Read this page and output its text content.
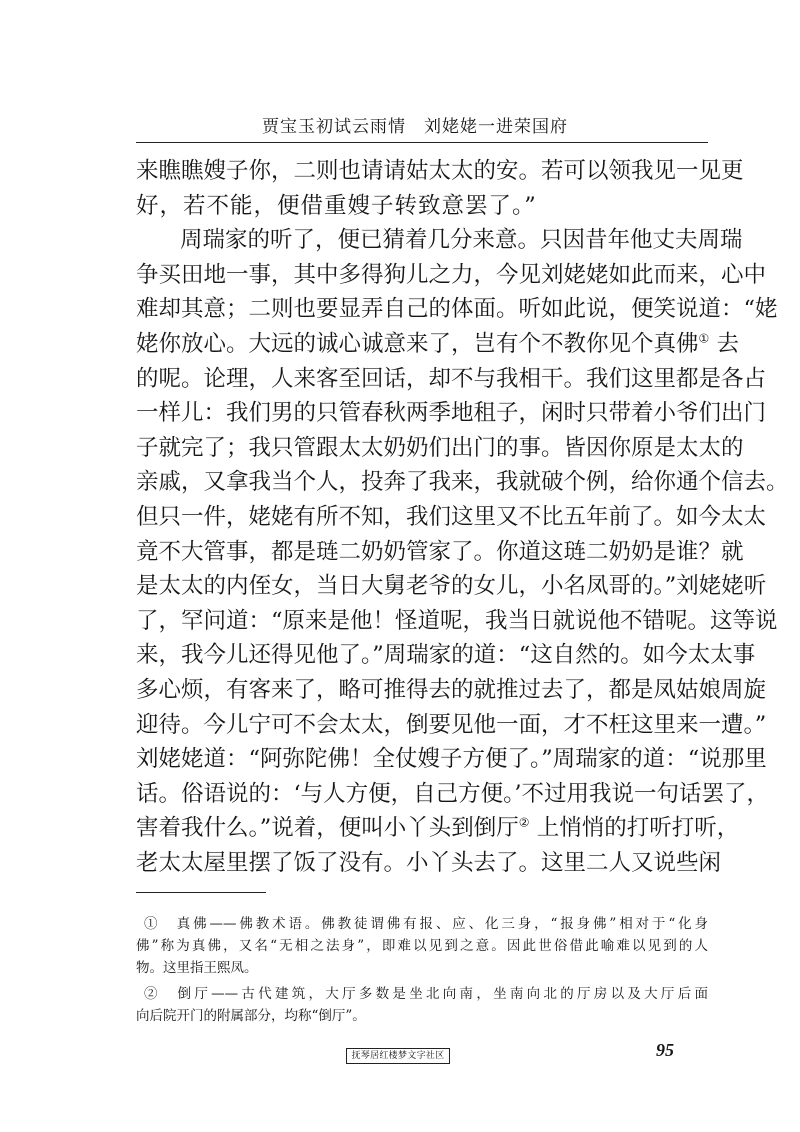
贾宝玉初试云雨情　刘姥姥一进荣国府
来瞧瞧嫂子你，二则也请请姑太太的安。若可以领我见一见更
好，若不能，便借重嫂子转致意罢了。”
周瑞家的听了，便已猜着几分来意。只因昔年他丈夫周瑞
争买田地一事，其中多得狗儿之力，今见刘姥姥如此而来，心中
难却其意；二则也要显弄自己的体面。听如此说，便笑说道：“姥
姥你放心。大远的诚心诚意来了，岂有个不教你见个真佛① 去
的呢。论理，人来客至回话，却不与我相干。我们这里都是各占
一样儿：我们男的只管春秋两季地租子，闲时只带着小爷们出门
子就完了；我只管跟太太奶奶们出门的事。皆因你原是太太的
亲戚，又拿我当个人，投奔了我来，我就破个例，给你通个信去。
但只一件，姥姥有所不知，我们这里又不比五年前了。如今太太
竟不大管事，都是琏二奶奶管家了。你道这琏二奶奶是谁？就
是太太的内侄女，当日大舅老爷的女儿，小名凤哥的。”刘姥姥听
了，罕问道：“原来是他！怪道呢，我当日就说他不错呢。这等说
来，我今儿还得见他了。”周瑞家的道：“这自然的。如今太太事
多心烦，有客来了，略可推得去的就推过去了，都是凤姑娘周旋
迎待。今儿宁可不会太太，倒要见他一面，才不枉这里来一遭。”
刘姥姥道：“阿弥陀佛！全仗嫂子方便了。”周瑞家的道：“说那里
话。俗语说的：‘与人方便，自己方便。’不过用我说一句话罢了，
害着我什么。”说着，便叫小丫头到倒厅② 上悄悄的打听打听，
老太太屋里摆了饭了没有。小丫头去了。这里二人又说些闲
①　真佛——佛教术语。佛教徒谓佛有报、应、化三身，“报身佛”相对于“化身
佛”称为真佛，又名“无相之法身”，即难以见到之意。因此世俗借此喻难以见到的人
物。这里指王熙凤。
②　倒厅——古代建筑，大厅多数是坐北向南，坐南向北的厅房以及大厅后面
向后院开门的附属部分，均称“倒厅”。
抚琴居红楼梦文字社区	95
